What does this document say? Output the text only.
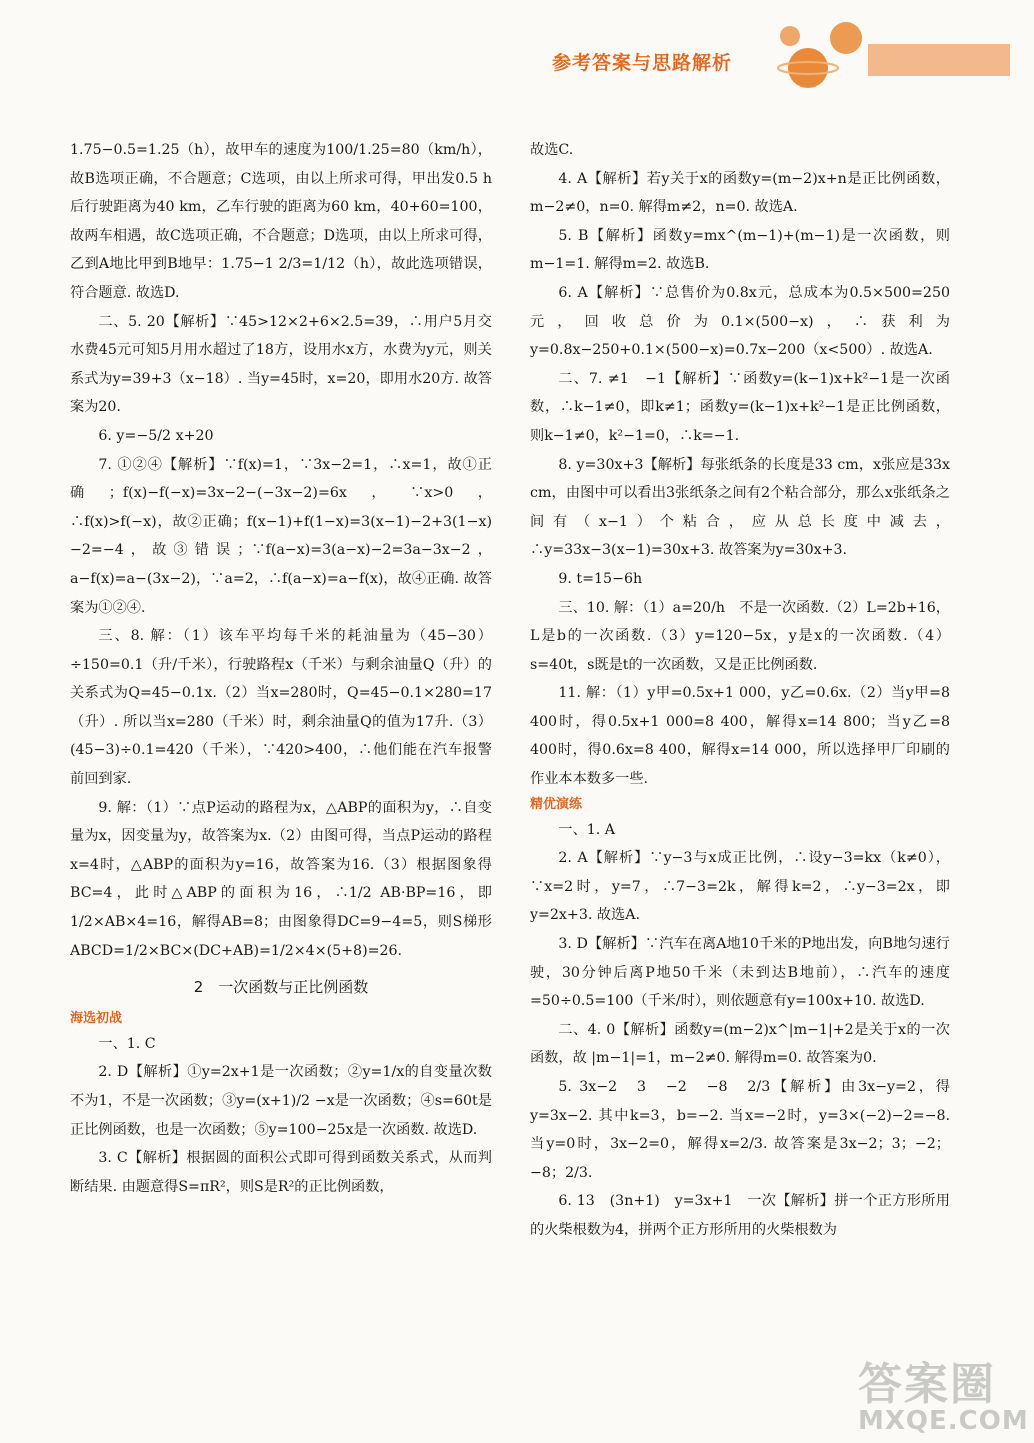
参考答案与思路解析

1.75−0.5=1.25（h），故甲车的速度为100/1.25=80（km/h），故B选项正确，不合题意；C选项，由以上所求可得，甲出发0.5 h后行驶距离为40 km，乙车行驶的距离为60 km，40+60=100，故两车相遇，故C选项正确，不合题意；D选项，由以上所求可得，乙到A地比甲到B地早：1.75−1 2/3=1/12（h），故此选项错误，符合题意. 故选D.

二、5. 20【解析】∵45>12×2+6×2.5=39，∴用户5月交水费45元可知5月用水超过了18方，设用水x方，水费为y元，则关系式为y=39+3（x−18）. 当y=45时，x=20，即用水20方. 故答案为20.

6. y=−5/2 x+20

7. ①②④【解析】∵f(x)=1，∵3x−2=1，∴x=1，故①正确；f(x)−f(−x)=3x−2−(−3x−2)=6x，∵x>0，∴f(x)>f(−x)，故②正确；f(x−1)+f(1−x)=3(x−1)−2+3(1−x)−2=−4，故③错误；∵f(a−x)=3(a−x)−2=3a−3x−2，a−f(x)=a−(3x−2)，∵a=2，∴f(a−x)=a−f(x)，故④正确. 故答案为①②④.

三、8. 解：（1）该车平均每千米的耗油量为（45−30）÷150=0.1（升/千米），行驶路程x（千米）与剩余油量Q（升）的关系式为Q=45−0.1x.（2）当x=280时，Q=45−0.1×280=17（升）. 所以当x=280（千米）时，剩余油量Q的值为17升.（3）(45−3)÷0.1=420（千米），∵420>400，∴他们能在汽车报警前回到家.

9. 解：（1）∵点P运动的路程为x，△ABP的面积为y，∴自变量为x，因变量为y，故答案为x.（2）由图可得，当点P运动的路程x=4时，△ABP的面积为y=16，故答案为16.（3）根据图象得BC=4，此时△ABP的面积为16，∴1/2 AB·BP=16，即1/2×AB×4=16，解得AB=8；由图象得DC=9−4=5，则S梯形ABCD=1/2×BC×(DC+AB)=1/2×4×(5+8)=26.

2　一次函数与正比例函数
海选初战

一、1. C

2. D【解析】①y=2x+1是一次函数；②y=1/x的自变量次数不为1，不是一次函数；③y=(x+1)/2 −x是一次函数；④s=60t是正比例函数，也是一次函数；⑤y=100−25x是一次函数. 故选D.

3. C【解析】根据圆的面积公式即可得到函数关系式，从而判断结果. 由题意得S=πR²，则S是R²的正比例函数，

故选C.

4. A【解析】若y关于x的函数y=(m−2)x+n是正比例函数，m−2≠0，n=0. 解得m≠2，n=0. 故选A.

5. B【解析】函数y=mx^(m−1)+(m−1)是一次函数，则m−1=1. 解得m=2. 故选B.

6. A【解析】∵总售价为0.8x元，总成本为0.5×500=250元，回收总价为0.1×(500−x)，∴获利为y=0.8x−250+0.1×(500−x)=0.7x−200（x<500）. 故选A.

二、7. ≠1　−1【解析】∵函数y=(k−1)x+k²−1是一次函数，∴k−1≠0，即k≠1；函数y=(k−1)x+k²−1是正比例函数，则k−1≠0，k²−1=0，∴k=−1.

8. y=30x+3【解析】每张纸条的长度是33 cm，x张应是33x cm，由图中可以看出3张纸条之间有2个粘合部分，那么x张纸条之间有（x−1）个粘合，应从总长度中减去，∴y=33x−3(x−1)=30x+3. 故答案为y=30x+3.

9. t=15−6h

三、10. 解：（1）a=20/h　不是一次函数.（2）L=2b+16，L是b的一次函数.（3）y=120−5x，y是x的一次函数.（4）s=40t，s既是t的一次函数，又是正比例函数.

11. 解：（1）y甲=0.5x+1 000，y乙=0.6x.（2）当y甲=8 400时，得0.5x+1 000=8 400，解得x=14 800；当y乙=8 400时，得0.6x=8 400，解得x=14 000，所以选择甲厂印刷的作业本本数多一些.

精优演练

一、1. A

2. A【解析】∵y−3与x成正比例，∴设y−3=kx（k≠0），∵x=2时，y=7，∴7−3=2k，解得k=2，∴y−3=2x，即y=2x+3. 故选A.

3. D【解析】∵汽车在离A地10千米的P地出发，向B地匀速行驶，30分钟后离P地50千米（未到达B地前），∴汽车的速度=50÷0.5=100（千米/时），则依题意有y=100x+10. 故选D.

二、4. 0【解析】函数y=(m−2)x^|m−1|+2是关于x的一次函数，故 |m−1|=1，m−2≠0. 解得m=0. 故答案为0.

5. 3x−2　3　−2　−8　2/3【解析】由3x−y=2，得y=3x−2. 其中k=3，b=−2. 当x=−2时，y=3×(−2)−2=−8. 当y=0时，3x−2=0，解得x=2/3. 故答案是3x−2；3；−2；−8；2/3.

6. 13　(3n+1)　y=3x+1　一次【解析】拼一个正方形所用的火柴根数为4，拼两个正方形所用的火柴根数为

答案圈
MXQE.COM
